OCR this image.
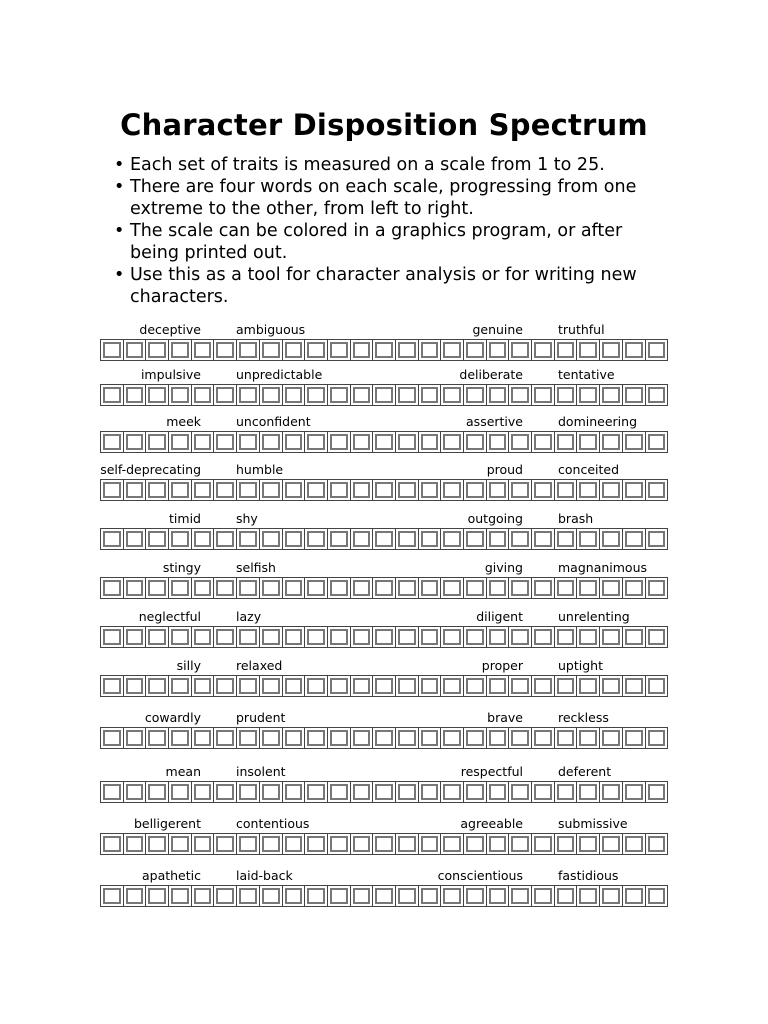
Character Disposition Spectrum
• Each set of traits is measured on a scale from 1 to 25.
• There are four words on each scale, progressing from one extreme to the other, from left to right.
• The scale can be colored in a graphics program, or after being printed out.
• Use this as a tool for character analysis or for writing new characters.
deceptive	ambiguous	genuine	truthful
impulsive	unpredictable	deliberate	tentative
meek	unconfident	assertive	domineering
self-deprecating	humble	proud	conceited
timid	shy	outgoing	brash
stingy	selfish	giving	magnanimous
neglectful	lazy	diligent	unrelenting
silly	relaxed	proper	uptight
cowardly	prudent	brave	reckless
mean	insolent	respectful	deferent
belligerent	contentious	agreeable	submissive
apathetic	laid-back	conscientious	fastidious
